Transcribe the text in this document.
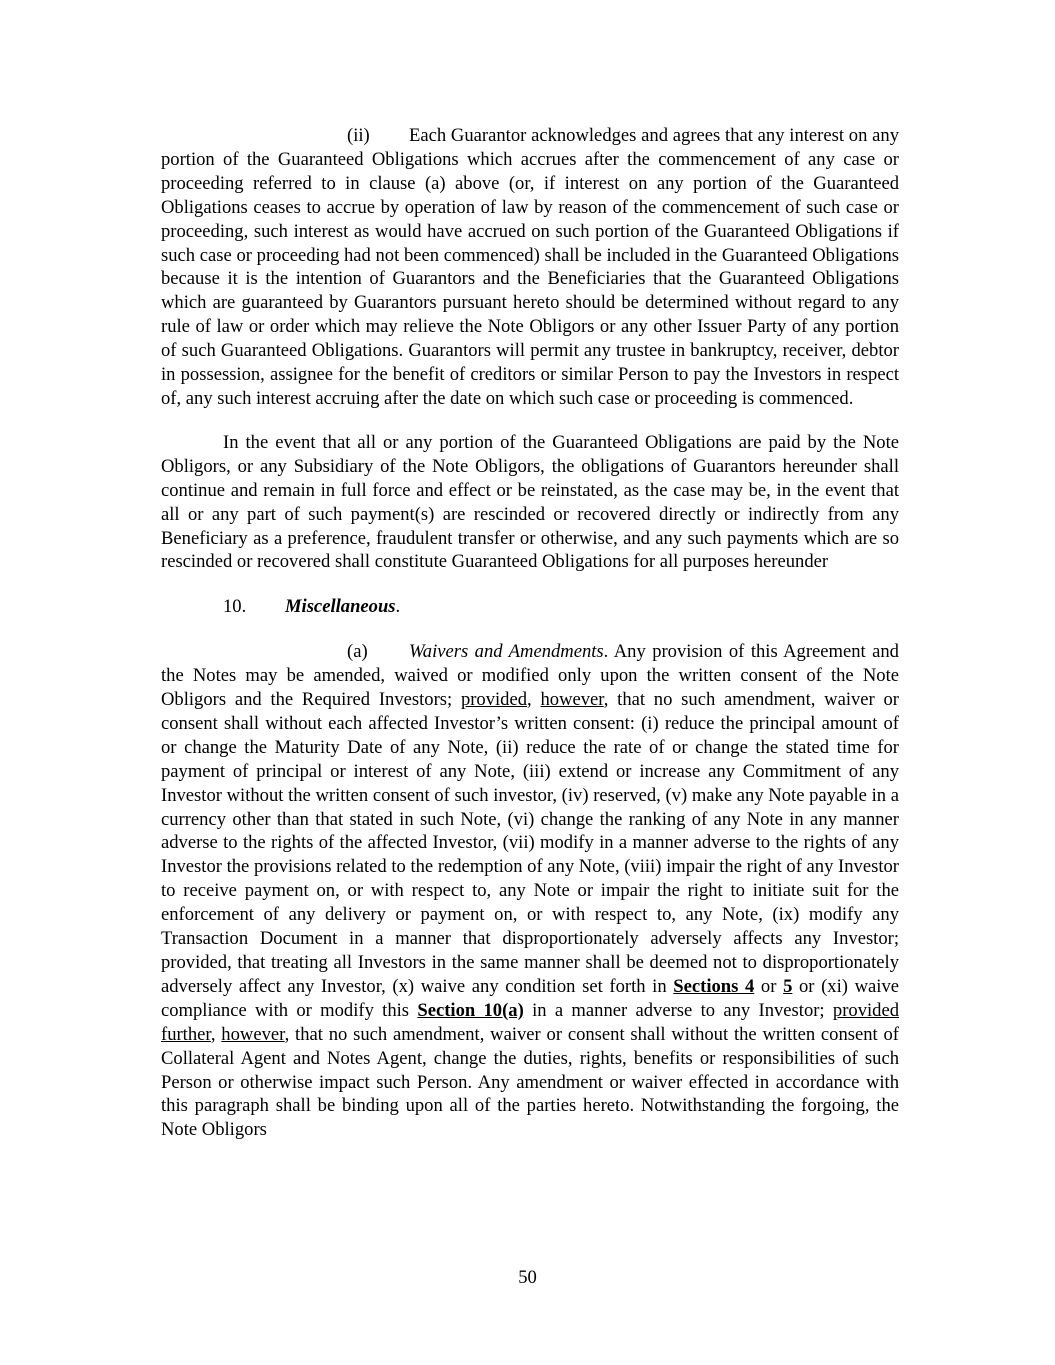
(ii) Each Guarantor acknowledges and agrees that any interest on any portion of the Guaranteed Obligations which accrues after the commencement of any case or proceeding referred to in clause (a) above (or, if interest on any portion of the Guaranteed Obligations ceases to accrue by operation of law by reason of the commencement of such case or proceeding, such interest as would have accrued on such portion of the Guaranteed Obligations if such case or proceeding had not been commenced) shall be included in the Guaranteed Obligations because it is the intention of Guarantors and the Beneficiaries that the Guaranteed Obligations which are guaranteed by Guarantors pursuant hereto should be determined without regard to any rule of law or order which may relieve the Note Obligors or any other Issuer Party of any portion of such Guaranteed Obligations. Guarantors will permit any trustee in bankruptcy, receiver, debtor in possession, assignee for the benefit of creditors or similar Person to pay the Investors in respect of, any such interest accruing after the date on which such case or proceeding is commenced.

In the event that all or any portion of the Guaranteed Obligations are paid by the Note Obligors, or any Subsidiary of the Note Obligors, the obligations of Guarantors hereunder shall continue and remain in full force and effect or be reinstated, as the case may be, in the event that all or any part of such payment(s) are rescinded or recovered directly or indirectly from any Beneficiary as a preference, fraudulent transfer or otherwise, and any such payments which are so rescinded or recovered shall constitute Guaranteed Obligations for all purposes hereunder

10. Miscellaneous.

(a) Waivers and Amendments. Any provision of this Agreement and the Notes may be amended, waived or modified only upon the written consent of the Note Obligors and the Required Investors; provided, however, that no such amendment, waiver or consent shall without each affected Investor’s written consent: (i) reduce the principal amount of or change the Maturity Date of any Note, (ii) reduce the rate of or change the stated time for payment of principal or interest of any Note, (iii) extend or increase any Commitment of any Investor without the written consent of such investor, (iv) reserved, (v) make any Note payable in a currency other than that stated in such Note, (vi) change the ranking of any Note in any manner adverse to the rights of the affected Investor, (vii) modify in a manner adverse to the rights of any Investor the provisions related to the redemption of any Note, (viii) impair the right of any Investor to receive payment on, or with respect to, any Note or impair the right to initiate suit for the enforcement of any delivery or payment on, or with respect to, any Note, (ix) modify any Transaction Document in a manner that disproportionately adversely affects any Investor; provided, that treating all Investors in the same manner shall be deemed not to disproportionately adversely affect any Investor, (x) waive any condition set forth in Sections 4 or 5 or (xi) waive compliance with or modify this Section 10(a) in a manner adverse to any Investor; provided further, however, that no such amendment, waiver or consent shall without the written consent of Collateral Agent and Notes Agent, change the duties, rights, benefits or responsibilities of such Person or otherwise impact such Person. Any amendment or waiver effected in accordance with this paragraph shall be binding upon all of the parties hereto. Notwithstanding the forgoing, the Note Obligors

50
